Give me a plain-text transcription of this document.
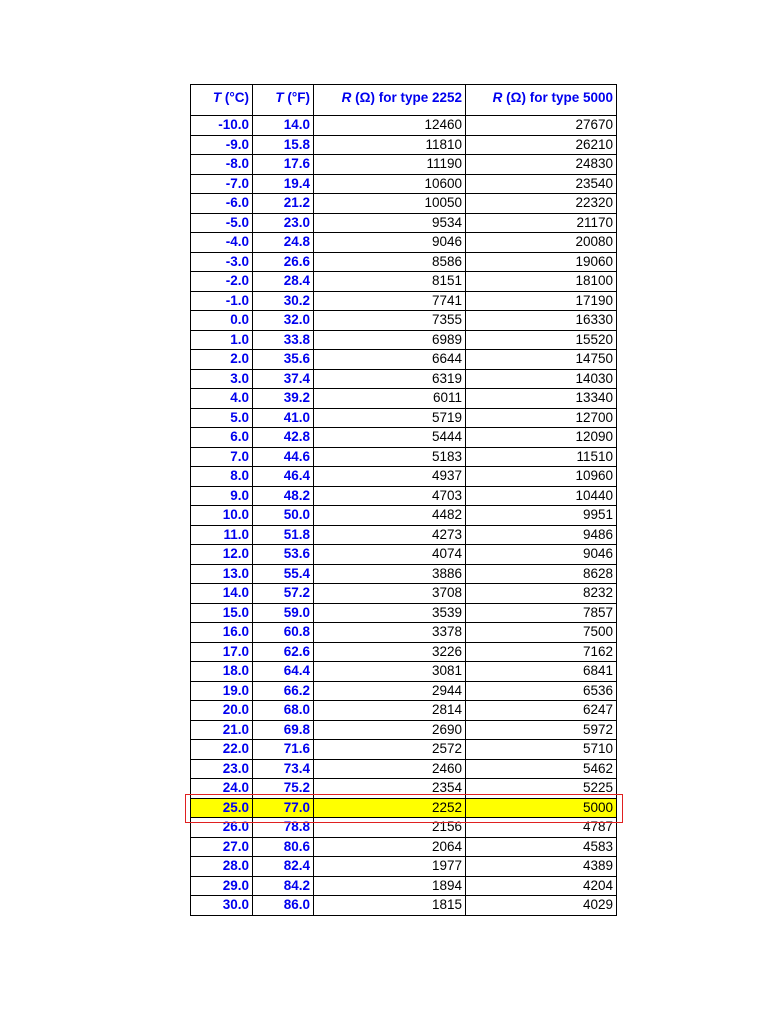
T (°C)	T (°F)	R (Ω) for type 2252	R (Ω) for type 5000

-10.0	14.0	12460	27670
-9.0	15.8	11810	26210
-8.0	17.6	11190	24830
-7.0	19.4	10600	23540
-6.0	21.2	10050	22320
-5.0	23.0	9534	21170
-4.0	24.8	9046	20080
-3.0	26.6	8586	19060
-2.0	28.4	8151	18100
-1.0	30.2	7741	17190
0.0	32.0	7355	16330
1.0	33.8	6989	15520
2.0	35.6	6644	14750
3.0	37.4	6319	14030
4.0	39.2	6011	13340
5.0	41.0	5719	12700
6.0	42.8	5444	12090
7.0	44.6	5183	11510
8.0	46.4	4937	10960
9.0	48.2	4703	10440
10.0	50.0	4482	9951
11.0	51.8	4273	9486
12.0	53.6	4074	9046
13.0	55.4	3886	8628
14.0	57.2	3708	8232
15.0	59.0	3539	7857
16.0	60.8	3378	7500
17.0	62.6	3226	7162
18.0	64.4	3081	6841
19.0	66.2	2944	6536
20.0	68.0	2814	6247
21.0	69.8	2690	5972
22.0	71.6	2572	5710
23.0	73.4	2460	5462
24.0	75.2	2354	5225
25.0	77.0	2252	5000
26.0	78.8	2156	4787
27.0	80.6	2064	4583
28.0	82.4	1977	4389
29.0	84.2	1894	4204
30.0	86.0	1815	4029
